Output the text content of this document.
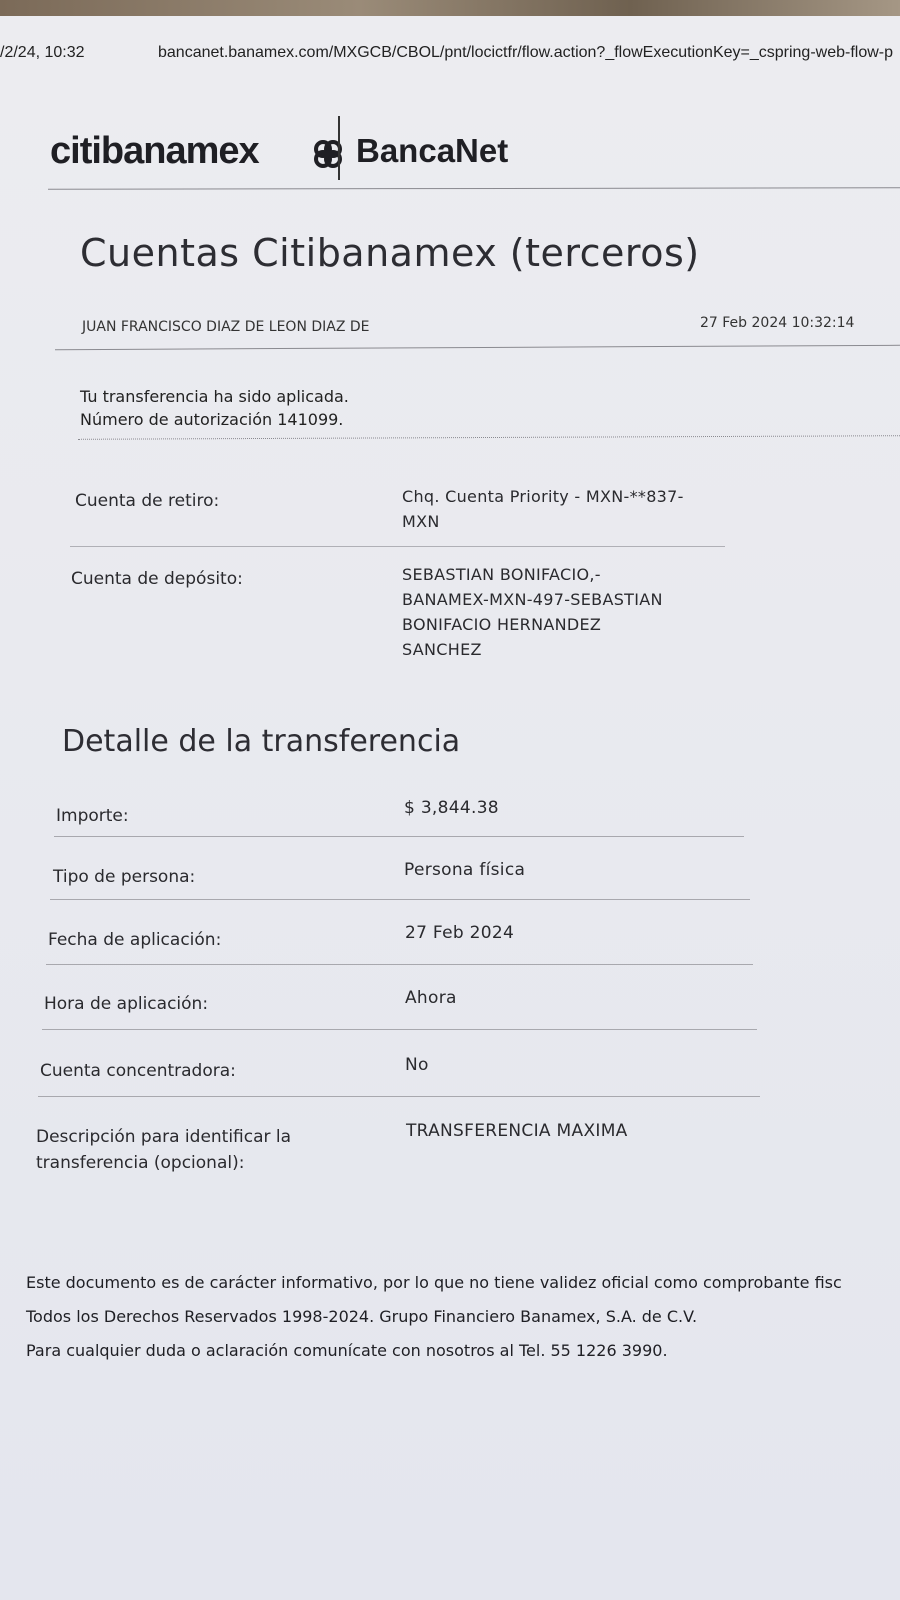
/2/24, 10:32	bancanet.banamex.com/MXGCB/CBOL/pnt/locictfr/flow.action?_flowExecutionKey=_cspring-web-flow-p
citibanamex	BancaNet
Cuentas Citibanamex (terceros)
JUAN FRANCISCO DIAZ DE LEON DIAZ DE	27 Feb 2024 10:32:14
Tu transferencia ha sido aplicada.
Número de autorización 141099.
Cuenta de retiro:	Chq. Cuenta Priority - MXN-**837-
MXN
Cuenta de depósito:	SEBASTIAN BONIFACIO,-
BANAMEX-MXN-497-SEBASTIAN
BONIFACIO HERNANDEZ
SANCHEZ
Detalle de la transferencia
Importe:	$ 3,844.38
Tipo de persona:	Persona física
Fecha de aplicación:	27 Feb 2024
Hora de aplicación:	Ahora
Cuenta concentradora:	No
Descripción para identificar la
transferencia (opcional):
TRANSFERENCIA MAXIMA
Este documento es de carácter informativo, por lo que no tiene validez oficial como comprobante fisc
Todos los Derechos Reservados 1998-2024. Grupo Financiero Banamex, S.A. de C.V.
Para cualquier duda o aclaración comunícate con nosotros al Tel. 55 1226 3990.
